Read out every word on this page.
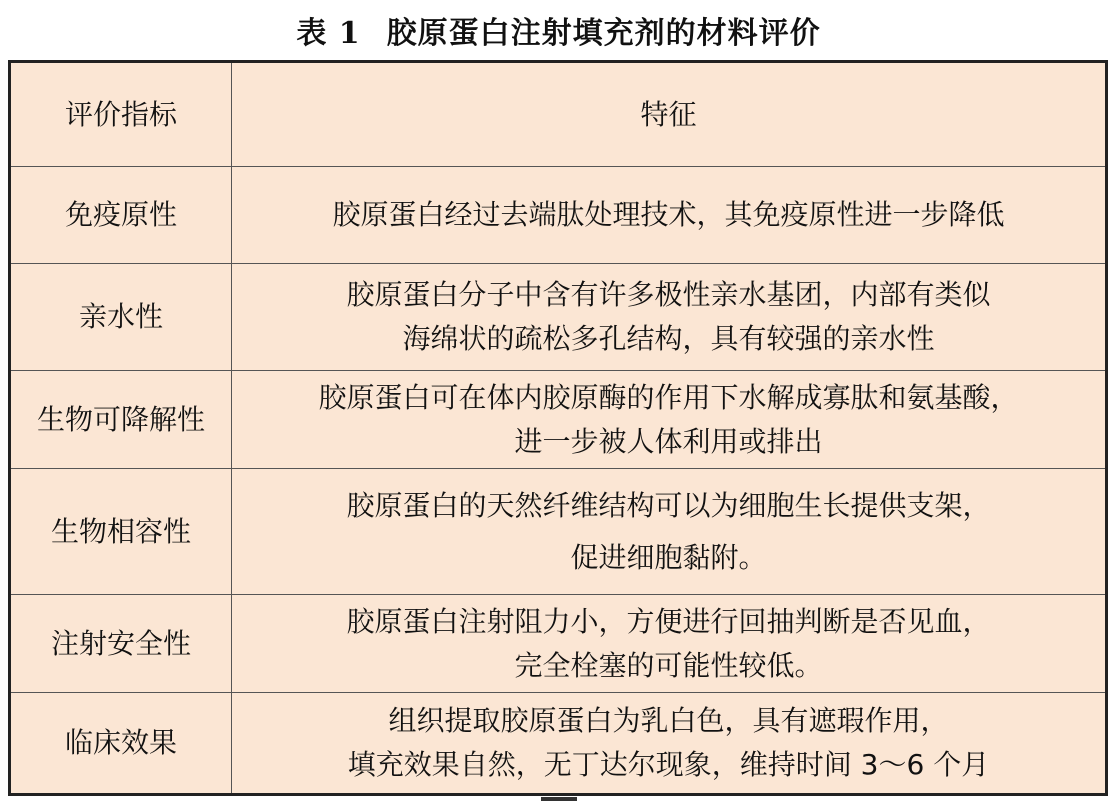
表 1 胶原蛋白注射填充剂的材料评价
评价指标	特征
免疫原性	胶原蛋白经过去端肽处理技术，其免疫原性进一步降低

亲水性	胶原蛋白分子中含有许多极性亲水基团，内部有类似
海绵状的疏松多孔结构，具有较强的亲水性

生物可降解性	胶原蛋白可在体内胶原酶的作用下水解成寡肽和氨基酸，
进一步被人体利用或排出

生物相容性	胶原蛋白的天然纤维结构可以为细胞生长提供支架，
促进细胞黏附。

注射安全性	胶原蛋白注射阻力小，方便进行回抽判断是否见血，
完全栓塞的可能性较低。

临床效果	组织提取胶原蛋白为乳白色，具有遮瑕作用，
填充效果自然，无丁达尔现象，维持时间 3～6 个月
